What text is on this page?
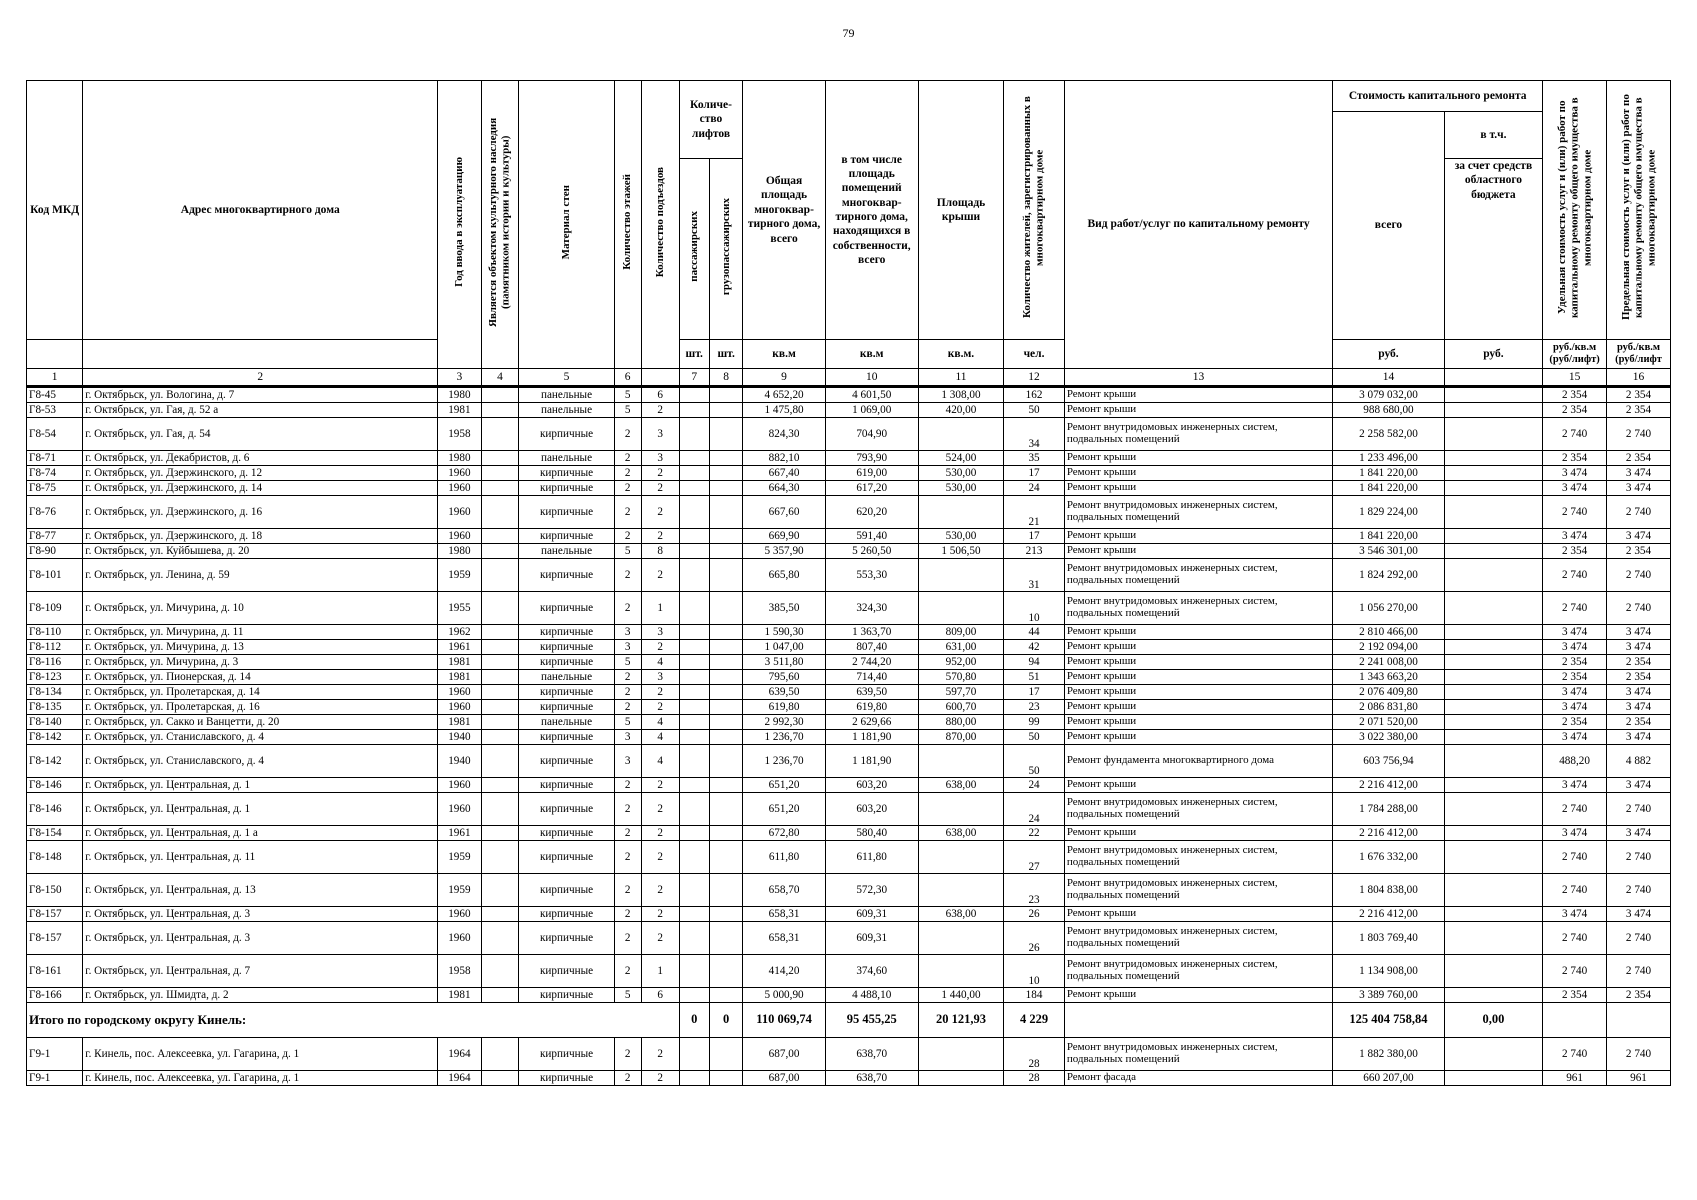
79
Код МКД	Адрес многоквартирного дома	Год ввода в эксплуатацию	Является объектом культурного наследия (памятником истории и культуры)	Материал стен	Количество этажей	Количество подъездов	Количе-ство лифтов		Общая площадь многоквар-тирного дома, всего	в том числе площадь помещений многоквар-тирного дома, находящихся в собственности, всего	Площадь крыши	Количество жителей, зарегистрированных в многоквартирном доме	Вид работ/услуг по капитальному ремонту	Стоимость капитального ремонта		Удельная стоимость услуг и (или) работ по капитальному ремонту общего имущества в многоквартирном доме	Предельная стоимость услуг и (или) работ по капитальному ремонту общего имущества в многоквартирном доме
														всего	в т.ч.		
							пассажирских	грузопассажирских							за счет средств областного бюджета		
							шт.	шт.	кв.м	кв.м	кв.м.	чел.		руб.	руб.	руб./кв.м (руб/лифт)	руб./кв.м (руб/лифт
1	2	3	4	5	6		7	8	9	10	11	12	13	14		15	16
Г8-45	г. Октябрьск, ул. Вологина, д. 7	1980		панельные	5	6			4 652,20	4 601,50	1 308,00	162	Ремонт крыши	3 079 032,00		2 354	2 354
Г8-53	г. Октябрьск, ул. Гая, д. 52 а	1981		панельные	5	2			1 475,80	1 069,00	420,00	50	Ремонт крыши	988 680,00		2 354	2 354
Г8-54	г. Октябрьск, ул. Гая, д. 54	1958		кирпичные	2	3			824,30	704,90		34	Ремонт внутридомовых инженерных систем, подвальных помещений	2 258 582,00		2 740	2 740
Г8-71	г. Октябрьск, ул. Декабристов, д. 6	1980		панельные	2	3			882,10	793,90	524,00	35	Ремонт крыши	1 233 496,00		2 354	2 354
Г8-74	г. Октябрьск, ул. Дзержинского, д. 12	1960		кирпичные	2	2			667,40	619,00	530,00	17	Ремонт крыши	1 841 220,00		3 474	3 474
Г8-75	г. Октябрьск, ул. Дзержинского, д. 14	1960		кирпичные	2	2			664,30	617,20	530,00	24	Ремонт крыши	1 841 220,00		3 474	3 474
Г8-76	г. Октябрьск, ул. Дзержинского, д. 16	1960		кирпичные	2	2			667,60	620,20		21	Ремонт внутридомовых инженерных систем, подвальных помещений	1 829 224,00		2 740	2 740
Г8-77	г. Октябрьск, ул. Дзержинского, д. 18	1960		кирпичные	2	2			669,90	591,40	530,00	17	Ремонт крыши	1 841 220,00		3 474	3 474
Г8-90	г. Октябрьск, ул. Куйбышева, д. 20	1980		панельные	5	8			5 357,90	5 260,50	1 506,50	213	Ремонт крыши	3 546 301,00		2 354	2 354
Г8-101	г. Октябрьск, ул. Ленина, д. 59	1959		кирпичные	2	2			665,80	553,30		31	Ремонт внутридомовых инженерных систем, подвальных помещений	1 824 292,00		2 740	2 740
Г8-109	г. Октябрьск, ул. Мичурина, д. 10	1955		кирпичные	2	1			385,50	324,30		10	Ремонт внутридомовых инженерных систем, подвальных помещений	1 056 270,00		2 740	2 740
Г8-110	г. Октябрьск, ул. Мичурина, д. 11	1962		кирпичные	3	3			1 590,30	1 363,70	809,00	44	Ремонт крыши	2 810 466,00		3 474	3 474
Г8-112	г. Октябрьск, ул. Мичурина, д. 13	1961		кирпичные	3	2			1 047,00	807,40	631,00	42	Ремонт крыши	2 192 094,00		3 474	3 474
Г8-116	г. Октябрьск, ул. Мичурина, д. 3	1981		кирпичные	5	4			3 511,80	2 744,20	952,00	94	Ремонт крыши	2 241 008,00		2 354	2 354
Г8-123	г. Октябрьск, ул. Пионерская, д. 14	1981		панельные	2	3			795,60	714,40	570,80	51	Ремонт крыши	1 343 663,20		2 354	2 354
Г8-134	г. Октябрьск, ул. Пролетарская, д. 14	1960		кирпичные	2	2			639,50	639,50	597,70	17	Ремонт крыши	2 076 409,80		3 474	3 474
Г8-135	г. Октябрьск, ул. Пролетарская, д. 16	1960		кирпичные	2	2			619,80	619,80	600,70	23	Ремонт крыши	2 086 831,80		3 474	3 474
Г8-140	г. Октябрьск, ул. Сакко и Ванцетти, д. 20	1981		панельные	5	4			2 992,30	2 629,66	880,00	99	Ремонт крыши	2 071 520,00		2 354	2 354
Г8-142	г. Октябрьск, ул. Станиславского, д. 4	1940		кирпичные	3	4			1 236,70	1 181,90	870,00	50	Ремонт крыши	3 022 380,00		3 474	3 474
Г8-142	г. Октябрьск, ул. Станиславского, д. 4	1940		кирпичные	3	4			1 236,70	1 181,90		50	Ремонт фундамента многоквартирного дома	603 756,94		488,20	4 882
Г8-146	г. Октябрьск, ул. Центральная, д. 1	1960		кирпичные	2	2			651,20	603,20	638,00	24	Ремонт крыши	2 216 412,00		3 474	3 474
Г8-146	г. Октябрьск, ул. Центральная, д. 1	1960		кирпичные	2	2			651,20	603,20		24	Ремонт внутридомовых инженерных систем, подвальных помещений	1 784 288,00		2 740	2 740
Г8-154	г. Октябрьск, ул. Центральная, д. 1 а	1961		кирпичные	2	2			672,80	580,40	638,00	22	Ремонт крыши	2 216 412,00		3 474	3 474
Г8-148	г. Октябрьск, ул. Центральная, д. 11	1959		кирпичные	2	2			611,80	611,80		27	Ремонт внутридомовых инженерных систем, подвальных помещений	1 676 332,00		2 740	2 740
Г8-150	г. Октябрьск, ул. Центральная, д. 13	1959		кирпичные	2	2			658,70	572,30		23	Ремонт внутридомовых инженерных систем, подвальных помещений	1 804 838,00		2 740	2 740
Г8-157	г. Октябрьск, ул. Центральная, д. 3	1960		кирпичные	2	2			658,31	609,31	638,00	26	Ремонт крыши	2 216 412,00		3 474	3 474
Г8-157	г. Октябрьск, ул. Центральная, д. 3	1960		кирпичные	2	2			658,31	609,31		26	Ремонт внутридомовых инженерных систем, подвальных помещений	1 803 769,40		2 740	2 740
Г8-161	г. Октябрьск, ул. Центральная, д. 7	1958		кирпичные	2	1			414,20	374,60		10	Ремонт внутридомовых инженерных систем, подвальных помещений	1 134 908,00		2 740	2 740
Г8-166	г. Октябрьск, ул. Шмидта, д. 2	1981		кирпичные	5	6			5 000,90	4 488,10	1 440,00	184	Ремонт крыши	3 389 760,00		2 354	2 354
Итого по городскому округу Кинель:							0	0	110 069,74	95 455,25	20 121,93	4 229		125 404 758,84	0,00		
Г9-1	г. Кинель, пос. Алексеевка, ул. Гагарина, д. 1	1964		кирпичные	2	2			687,00	638,70		28	Ремонт внутридомовых инженерных систем, подвальных помещений	1 882 380,00		2 740	2 740
Г9-1	г. Кинель, пос. Алексеевка, ул. Гагарина, д. 1	1964		кирпичные	2	2			687,00	638,70		28	Ремонт фасада	660 207,00		961	961
